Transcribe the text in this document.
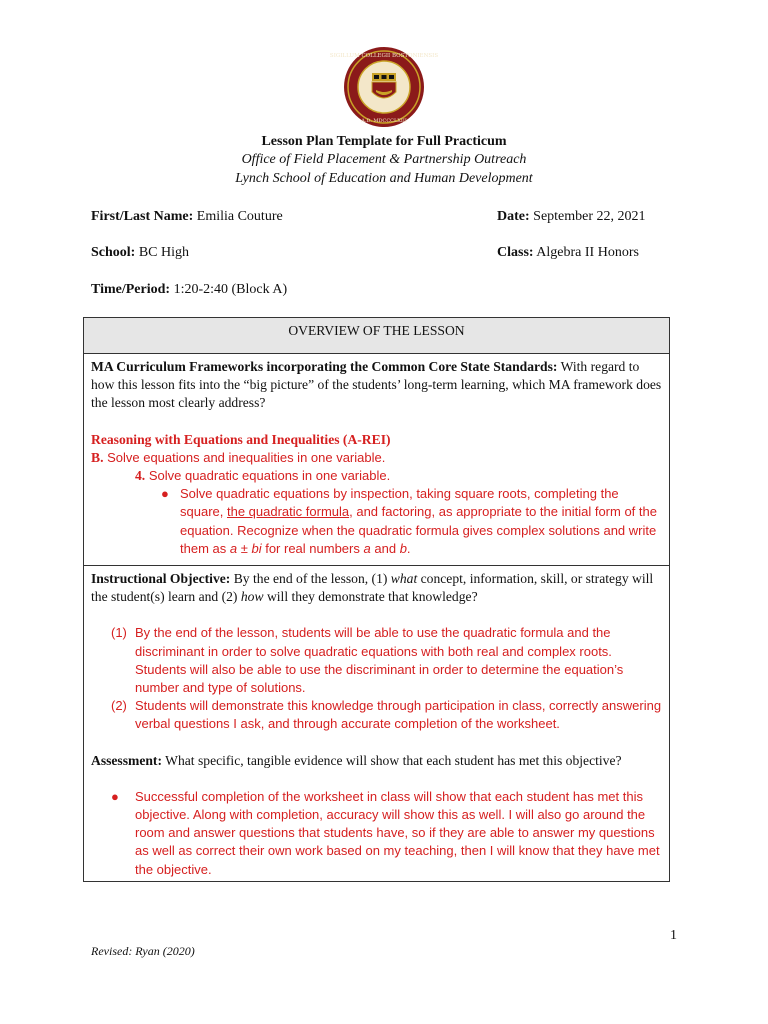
SIGILLUM COLLEGII BOSTONIENSIS
A.D. MDCCCLXIII
Lesson Plan Template for Full Practicum
Office of Field Placement & Partnership Outreach
Lynch School of Education and Human Development
First/Last Name: Emilia Couture	Date: September 22, 2021
School: BC High	Class: Algebra II Honors
Time/Period: 1:20-2:40 (Block A)
OVERVIEW OF THE LESSON

MA Curriculum Frameworks incorporating the Common Core State Standards: With regard to how this lesson fits into the “big picture” of the students’ long-term learning, which MA framework does the lesson most clearly address?
Reasoning with Equations and Inequalities (A-REI)
B. Solve equations and inequalities in one variable.
4. Solve quadratic equations in one variable.
● Solve quadratic equations by inspection, taking square roots, completing the square, the quadratic formula, and factoring, as appropriate to the initial form of the equation. Recognize when the quadratic formula gives complex solutions and write them as a ± bi for real numbers a and b.

Instructional Objective: By the end of the lesson, (1) what concept, information, skill, or strategy will the student(s) learn and (2) how will they demonstrate that knowledge?
(1) By the end of the lesson, students will be able to use the quadratic formula and the discriminant in order to solve quadratic equations with both real and complex roots. Students will also be able to use the discriminant in order to determine the equation’s number and type of solutions.
(2) Students will demonstrate this knowledge through participation in class, correctly answering verbal questions I ask, and through accurate completion of the worksheet.
Assessment: What specific, tangible evidence will show that each student has met this objective?
●	Successful completion of the worksheet in class will show that each student has met this objective. Along with completion, accuracy will show this as well. I will also go around the room and answer questions that students have, so if they are able to answer my questions as well as correct their own work based on my teaching, then I will know that they have met the objective.
1
Revised: Ryan (2020)
